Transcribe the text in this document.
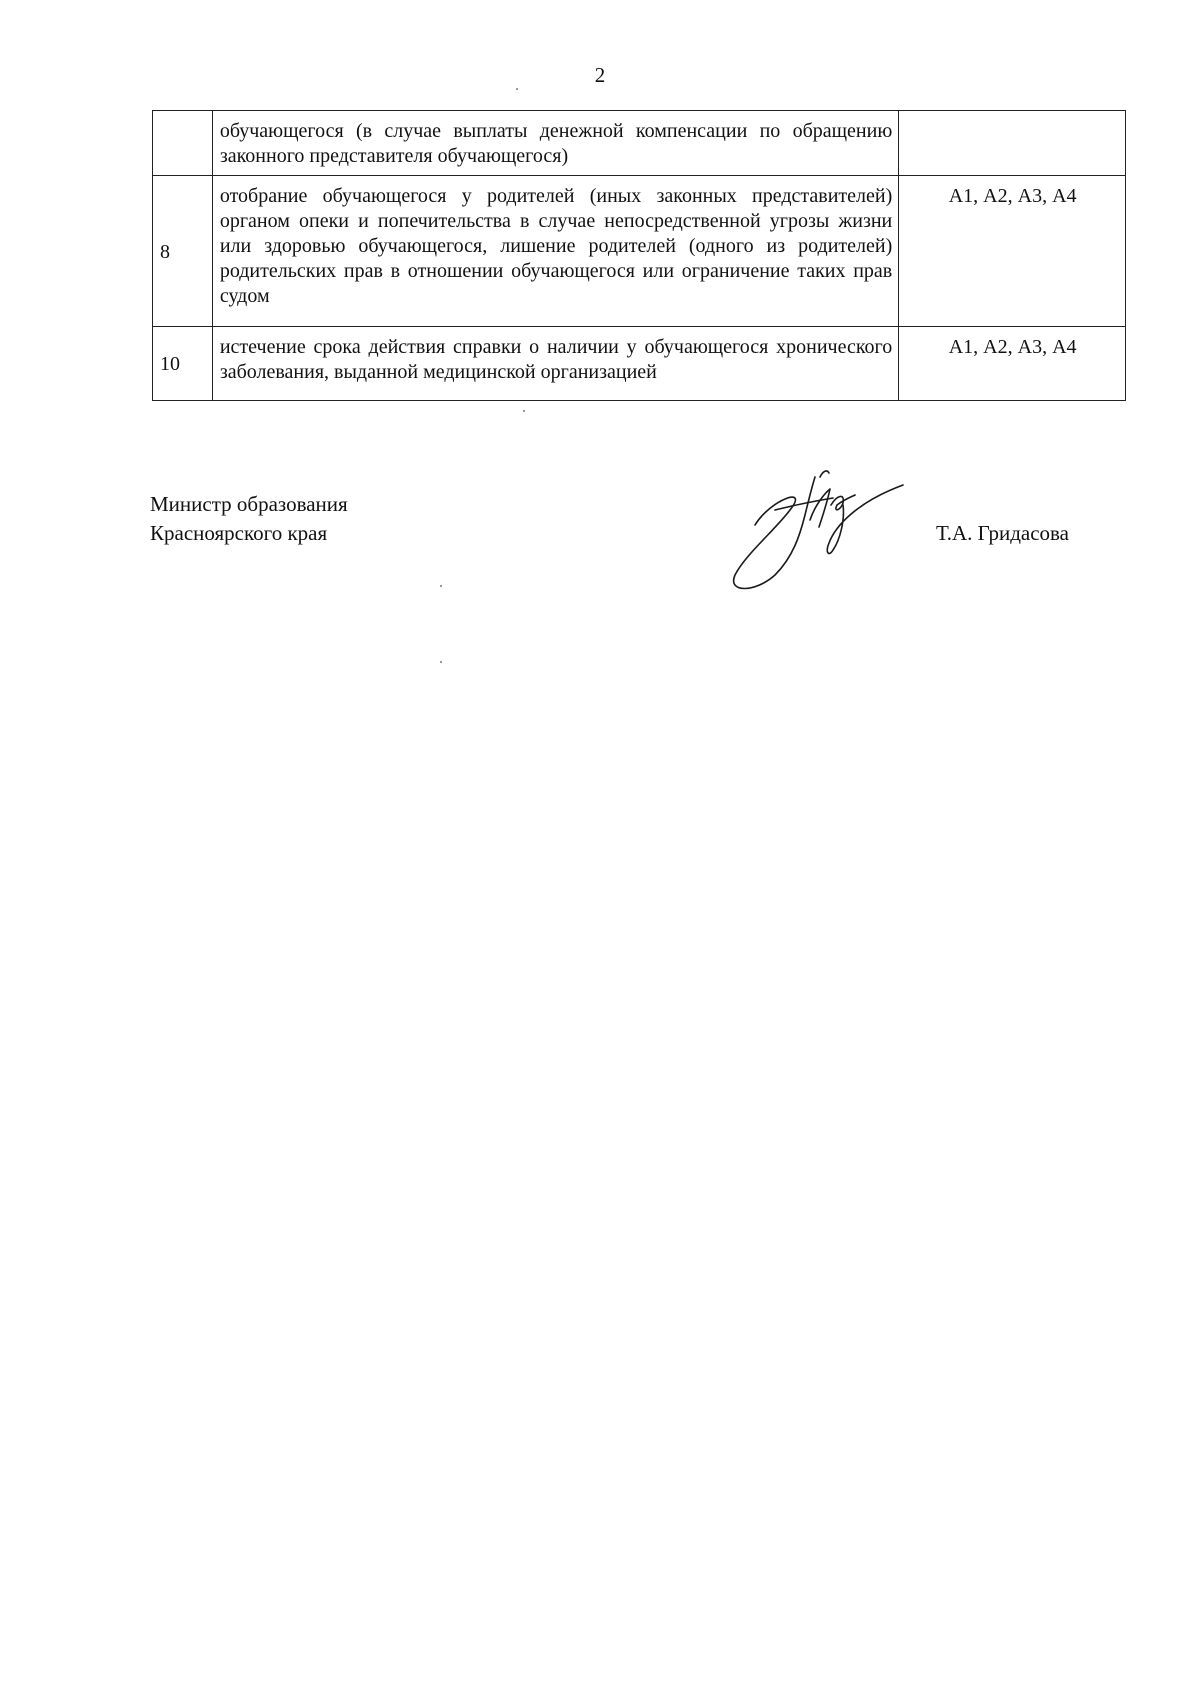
2
	обучающегося (в случае выплаты денежной компенсации по обращению законного представителя обучающегося)	
8	отобрание обучающегося у родителей (иных законных представителей) органом опеки и попечительства в случае непосредственной угрозы жизни или здоровью обучающегося, лишение родителей (одного из родителей) родительских прав в отношении обучающегося или ограничение таких прав судом	А1, А2, А3, А4
10	истечение срока действия справки о наличии у обучающегося хронического заболевания, выданной медицинской организацией	А1, А2, А3, А4
Министр образования
Красноярского края	Т.А. Гридасова
